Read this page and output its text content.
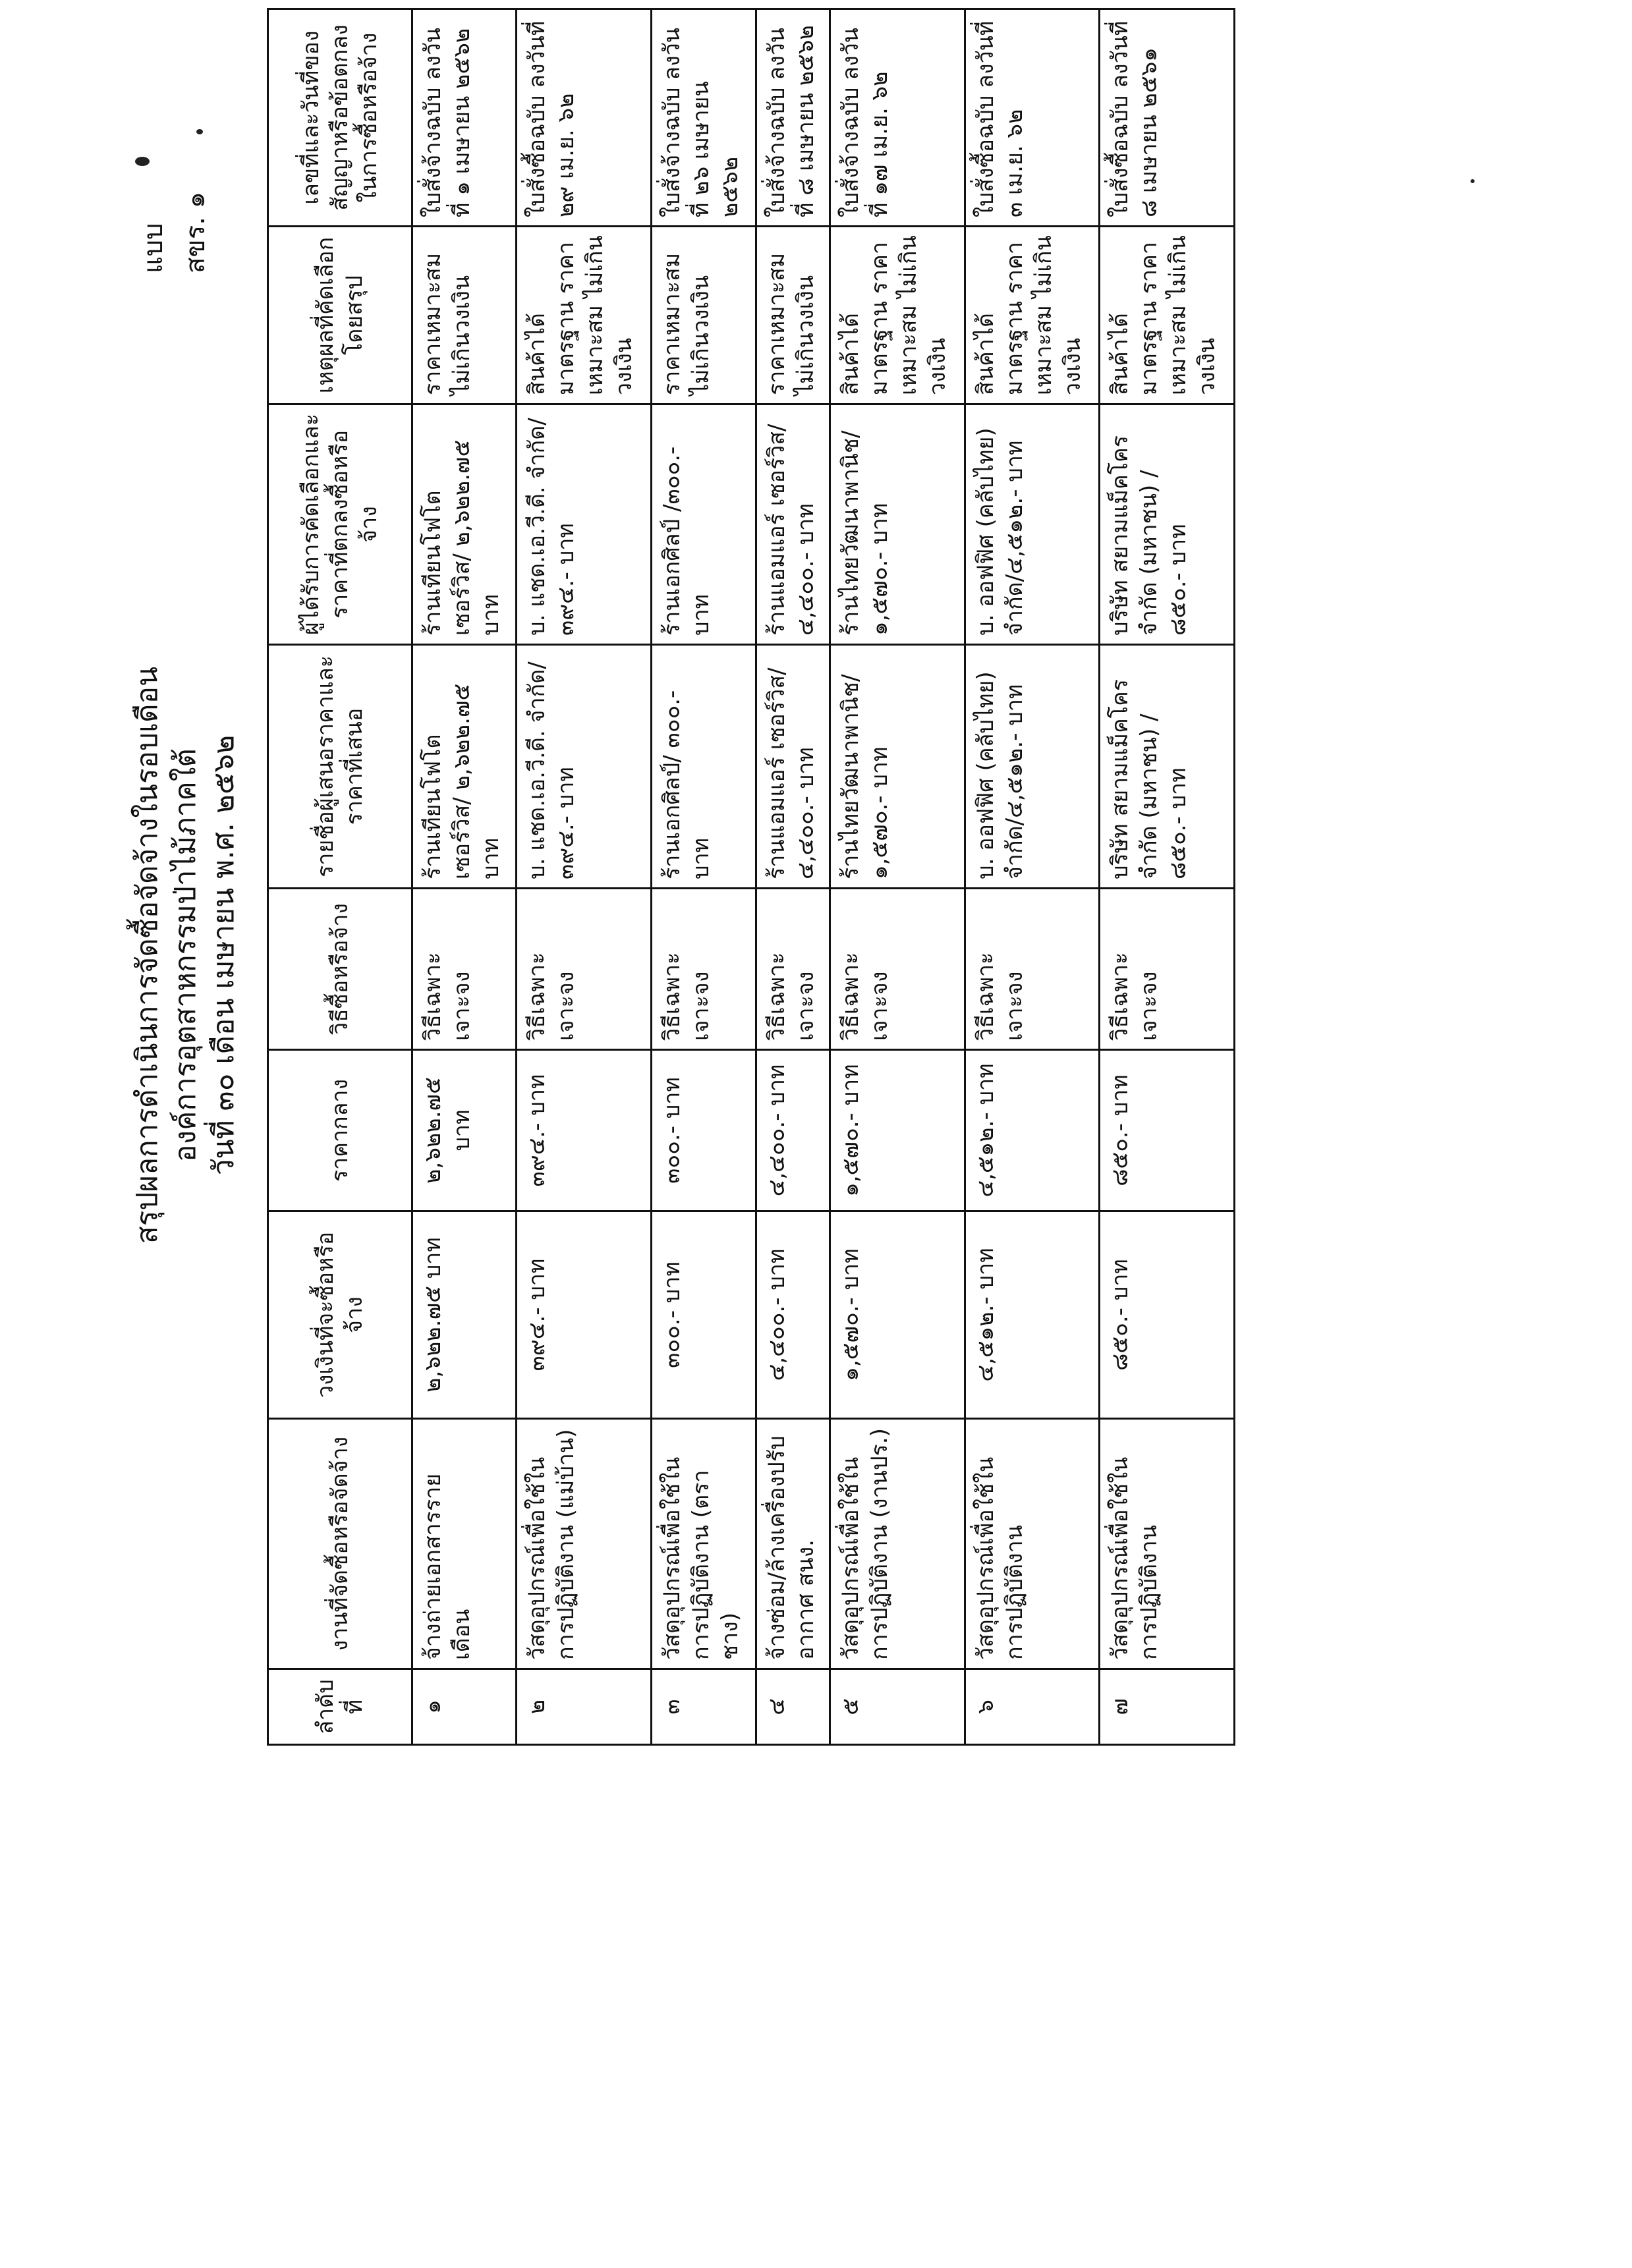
แบบ สขร. ๑
สรุปผลการดำเนินการจัดซื้อจัดจ้างในรอบเดือน องค์การอุตสาหกรรมป่าไม้ภาคใต้ วันที่ ๓๐ เดือน เมษายน พ.ศ. ๒๕๖๒
ลำดับที่	งานที่จัดซื้อหรือจัดจ้าง	วงเงินที่จะซื้อหรือจ้าง	ราคากลาง	วิธีซื้อหรือจ้าง	รายชื่อผู้เสนอราคาและราคาที่เสนอ	ผู้ได้รับการคัดเลือกและราคาที่ตกลงซื้อหรือจ้าง	เหตุผลที่คัดเลือกโดยสรุป	เลขที่และวันที่ของสัญญาหรือข้อตกลงในการซื้อหรือจ้าง
๑	จ้างถ่ายเอกสารรายเดือน	๒,๖๒๒.๗๕ บาท	๒,๖๒๒.๗๕ บาท	วิธีเฉพาะเจาะจง	ร้านเทียนโฟโตเซอร์วิส/ ๒,๖๒๒.๗๕ บาท	ร้านเทียนโฟโตเซอร์วิส/ ๒,๖๒๒.๗๕ บาท	ราคาเหมาะสม ไม่เกินวงเงิน	ใบสั่งจ้างฉบับ ลงวันที่ ๑ เมษายน ๒๕๖๒
๒	วัสดุอุปกรณ์เพื่อใช้ในการปฏิบัติงาน (แม่บ้าน)	๓๙๔.- บาท	๓๙๔.- บาท	วิธีเฉพาะเจาะจง	บ. แชด.เอ.วี.ดี. จำกัด/ ๓๙๔.- บาท	บ. แชด.เอ.วี.ดี. จำกัด/ ๓๙๔.- บาท	สินค้าได้มาตรฐาน ราคาเหมาะสม ไม่เกินวงเงิน	ใบสั่งซื้อฉบับ ลงวันที่ ๒๙ เม.ย. ๖๒
๓	วัสดุอุปกรณ์เพื่อใช้ในการปฏิบัติงาน (ตราชาง)	๓๐๐.- บาท	๓๐๐.- บาท	วิธีเฉพาะเจาะจง	ร้านเอกศิลป์/ ๓๐๐.- บาท	ร้านเอกศิลป์ /๓๐๐.- บาท	ราคาเหมาะสม ไม่เกินวงเงิน	ใบสั่งจ้างฉบับ ลงวันที่ ๒๖ เมษายน ๒๕๖๒
๔	จ้างซ่อม/ล้างเครื่องปรับอากาศ สนง.	๔,๔๐๐.- บาท	๔,๔๐๐.- บาท	วิธีเฉพาะเจาะจง	ร้านแอมแอร์ เซอร์วิส/ ๔,๔๐๐.- บาท	ร้านแอมแอร์ เซอร์วิส/ ๔,๔๐๐.- บาท	ราคาเหมาะสม ไม่เกินวงเงิน	ใบสั่งจ้างฉบับ ลงวันที่ ๘ เมษายน ๒๕๖๒
๕	วัสดุอุปกรณ์เพื่อใช้ในการปฏิบัติงาน (งานปร.)	๑,๕๗๐.- บาท	๑,๕๗๐.- บาท	วิธีเฉพาะเจาะจง	ร้านไทยวัฒนาพานิช/ ๑,๕๗๐.- บาท	ร้านไทยวัฒนาพานิช/ ๑,๕๗๐.- บาท	สินค้าได้มาตรฐาน ราคาเหมาะสม ไม่เกินวงเงิน	ใบสั่งจ้างฉบับ ลงวันที่ ๑๗ เม.ย. ๖๒
๖	วัสดุอุปกรณ์เพื่อใช้ในการปฏิบัติงาน	๔,๕๑๒.- บาท	๔,๕๑๒.- บาท	วิธีเฉพาะเจาะจง	บ. ออฟฟิศ (คลับไทย) จำกัด/๔,๕๑๒.- บาท	บ. ออฟฟิศ (คลับไทย) จำกัด/๔,๕๑๒.- บาท	สินค้าได้มาตรฐาน ราคาเหมาะสม ไม่เกินวงเงิน	ใบสั่งซื้อฉบับ ลงวันที่ ๓ เม.ย. ๖๒
๗	วัสดุอุปกรณ์เพื่อใช้ในการปฏิบัติงาน	๘๕๐.- บาท	๘๕๐.- บาท	วิธีเฉพาะเจาะจง	บริษัท สยามแม็คโคร จำกัด (มหาชน) /๘๕๐.- บาท	บริษัท สยามแม็คโครจำกัด (มหาชน) /๘๕๐.- บาท	สินค้าได้มาตรฐาน ราคาเหมาะสม ไม่เกินวงเงิน	ใบสั่งซื้อฉบับ ลงวันที่ ๘ เมษายน ๒๕๖๑
